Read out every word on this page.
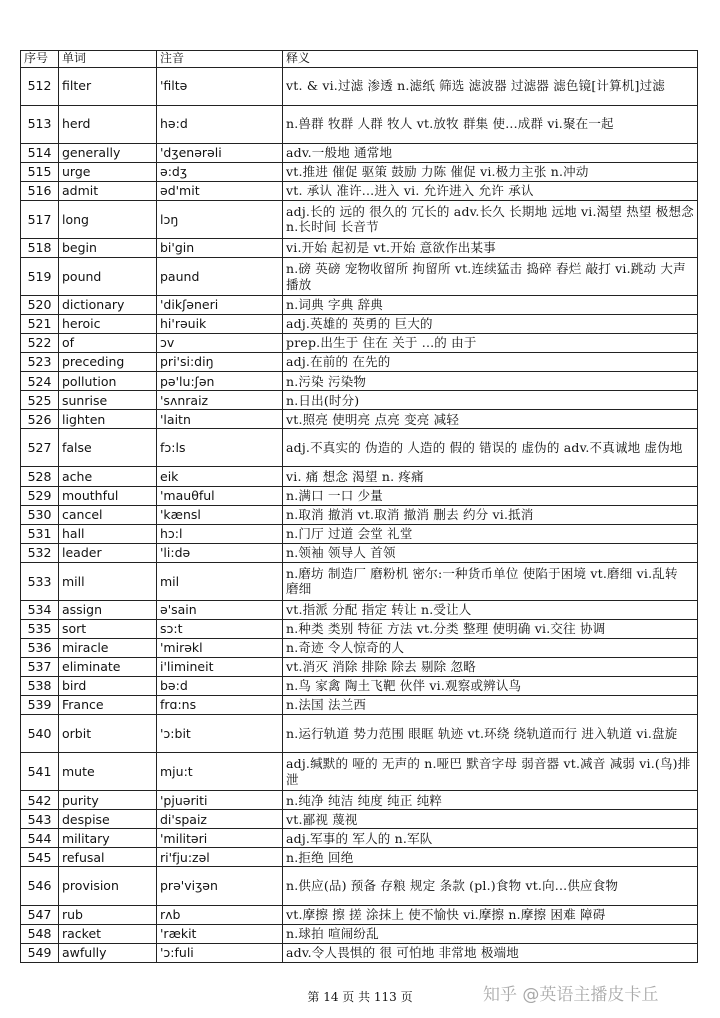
序号	单词	注音	释义
512	filter	'filtə	vt. & vi.过滤 渗透 n.滤纸 筛选 滤波器 过滤器 滤色镜[计算机]过滤
513	herd	hə:d	n.兽群 牧群 人群 牧人 vt.放牧 群集 使...成群 vi.聚在一起
514	generally	'dʒenərəli	adv.一般地 通常地
515	urge	ə:dʒ	vt.推进 催促 驱策 鼓励 力陈 催促 vi.极力主张 n.冲动
516	admit	əd'mit	vt. 承认 准许...进入 vi. 允许进入 允许 承认
517	long	lɔŋ	adj.长的 远的 很久的 冗长的 adv.长久 长期地 远地 vi.渴望 热望 极想念 n.长时间 长音节
518	begin	bi'gin	vi.开始 起初是 vt.开始 意欲作出某事
519	pound	paund	n.磅 英磅 宠物收留所 拘留所 vt.连续猛击 捣碎 舂烂 敲打 vi.跳动 大声播放
520	dictionary	'dikʃəneri	n.词典 字典 辞典
521	heroic	hi'rəuik	adj.英雄的 英勇的 巨大的
522	of	ɔv	prep.出生于 住在 关于 ...的 由于
523	preceding	pri'si:diŋ	adj.在前的 在先的
524	pollution	pə'lu:ʃən	n.污染 污染物
525	sunrise	'sʌnraiz	n.日出(时分)
526	lighten	'laitn	vt.照亮 使明亮 点亮 变亮 减轻
527	false	fɔ:ls	adj.不真实的 伪造的 人造的 假的 错误的 虚伪的 adv.不真诚地 虚伪地
528	ache	eik	vi. 痛 想念 渴望 n. 疼痛
529	mouthful	'mauθful	n.满口 一口 少量
530	cancel	'kænsl	n.取消 撤消 vt.取消 撤消 删去 约分 vi.抵消
531	hall	hɔ:l	n.门厅 过道 会堂 礼堂
532	leader	'li:də	n.领袖 领导人 首领
533	mill	mil	n.磨坊 制造厂 磨粉机 密尔:一种货币单位 使陷于困境 vt.磨细 vi.乱转 磨细
534	assign	ə'sain	vt.指派 分配 指定 转让 n.受让人
535	sort	sɔ:t	n.种类 类别 特征 方法 vt.分类 整理 使明确 vi.交往 协调
536	miracle	'mirəkl	n.奇迹 令人惊奇的人
537	eliminate	i'limineit	vt.消灭 消除 排除 除去 剔除 忽略
538	bird	bə:d	n.鸟 家禽 陶土飞靶 伙伴 vi.观察或辨认鸟
539	France	frɑ:ns	n.法国 法兰西
540	orbit	'ɔ:bit	n.运行轨道 势力范围 眼眶 轨迹 vt.环绕 绕轨道而行 进入轨道 vi.盘旋
541	mute	mju:t	adj.缄默的 哑的 无声的 n.哑巴 默音字母 弱音器 vt.减音 减弱 vi.(鸟)排泄
542	purity	'pjuəriti	n.纯净 纯洁 纯度 纯正 纯粹
543	despise	di'spaiz	vt.鄙视 蔑视
544	military	'militəri	adj.军事的 军人的 n.军队
545	refusal	ri'fju:zəl	n.拒绝 回绝
546	provision	prə'viʒən	n.供应(品) 预备 存粮 规定 条款 (pl.)食物 vt.向...供应食物
547	rub	rʌb	vt.摩擦 擦 搓 涂抹上 使不愉快 vi.摩擦 n.摩擦 困难 障碍
548	racket	'rækit	n.球拍 喧闹纷乱
549	awfully	'ɔ:fuli	adv.令人畏惧的 很 可怕地 非常地 极端地
第 14 页 共 113 页	知乎 @英语主播皮卡丘
